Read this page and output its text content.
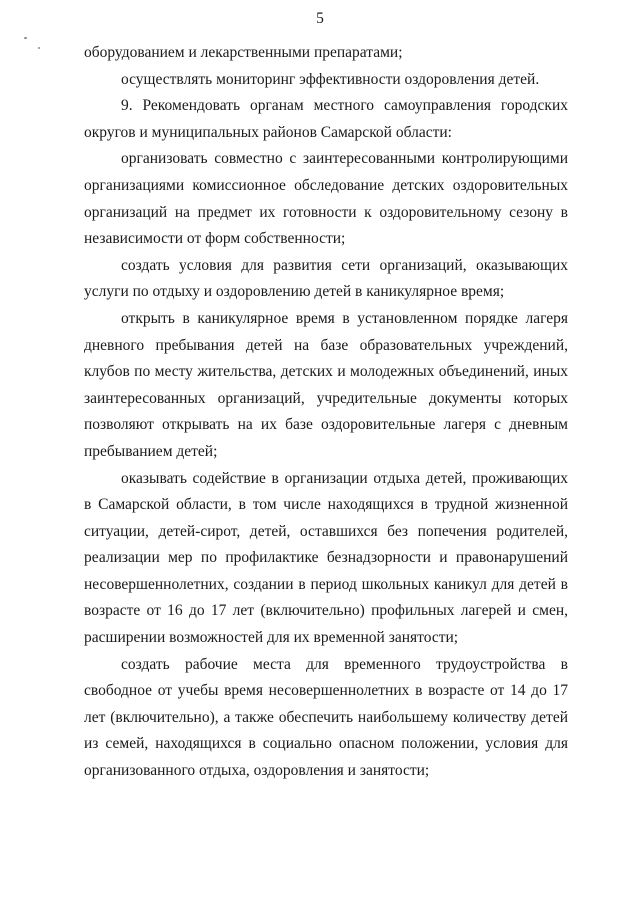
5

оборудованием и лекарственными препаратами;

осуществлять мониторинг эффективности оздоровления детей.

9. Рекомендовать органам местного самоуправления городских округов и муниципальных районов Самарской области:

организовать совместно с заинтересованными контролирующими организациями комиссионное обследование детских оздоровительных организаций на предмет их готовности к оздоровительному сезону в независимости от форм собственности;

создать условия для развития сети организаций, оказывающих услуги по отдыху и оздоровлению детей в каникулярное время;

открыть в каникулярное время в установленном порядке лагеря дневного пребывания детей на базе образовательных учреждений, клубов по месту жительства, детских и молодежных объединений, иных заинтересованных организаций, учредительные документы которых позволяют открывать на их базе оздоровительные лагеря с дневным пребыванием детей;

оказывать содействие в организации отдыха детей, проживающих в Самарской области, в том числе находящихся в трудной жизненной ситуации, детей-сирот, детей, оставшихся без попечения родителей, реализации мер по профилактике безнадзорности и правонарушений несовершеннолетних, создании в период школьных каникул для детей в возрасте от 16 до 17 лет (включительно) профильных лагерей и смен, расширении возможностей для их временной занятости;

создать рабочие места для временного трудоустройства в свободное от учебы время несовершеннолетних в возрасте от 14 до 17 лет (включительно), а также обеспечить наибольшему количеству детей из семей, находящихся в социально опасном положении, условия для организованного отдыха, оздоровления и занятости;
